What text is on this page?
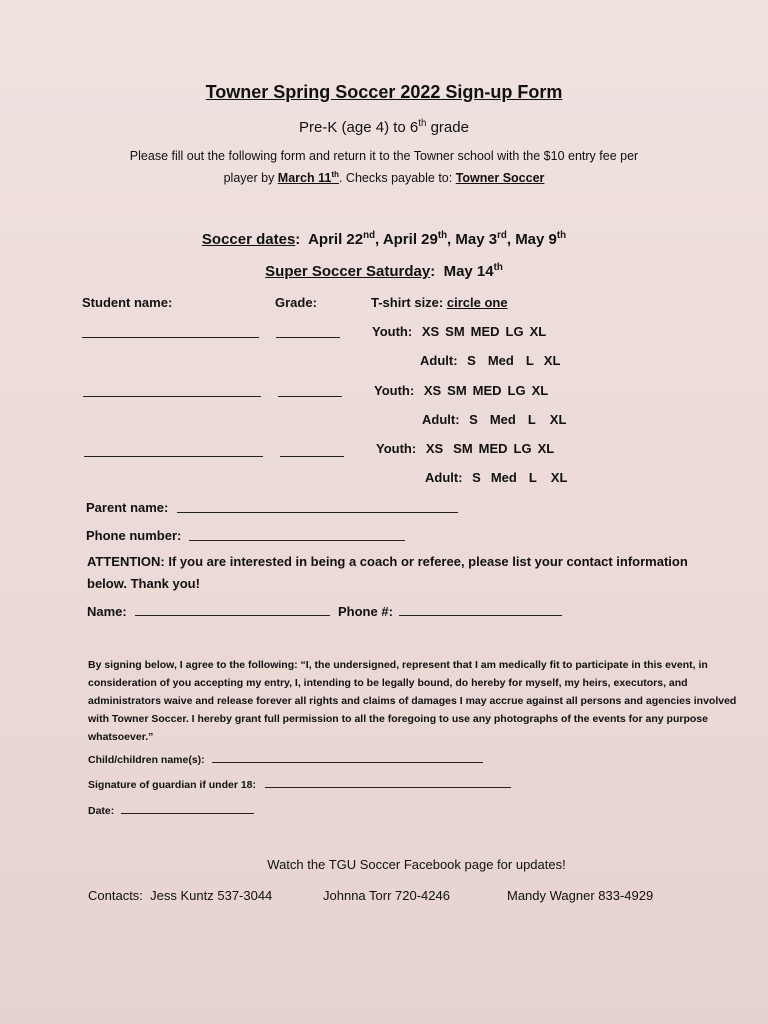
Towner Spring Soccer 2022 Sign-up Form
Pre-K (age 4) to 6th grade
Please fill out the following form and return it to the Towner school with the $10 entry fee per
player by March 11th. Checks payable to: Towner Soccer
Soccer dates:  April 22nd, April 29th, May 3rd, May 9th
Super Soccer Saturday:  May 14th
Student name:	Grade:	T-shirt size: circle one
Youth: XS SM MED LG XL
Adult: S Med L XL
Youth: XS SM MED LG XL
Adult: S Med L XL
Youth: XS SM MED LG XL
Adult: S Med L XL
Parent name:
Phone number:
ATTENTION: If you are interested in being a coach or referee, please list your contact information
below. Thank you!
Name:	Phone #:
By signing below, I agree to the following: “I, the undersigned, represent that I am medically fit to participate in this event, in consideration of you accepting my entry, I, intending to be legally bound, do hereby for myself, my heirs, executors, and administrators waive and release forever all rights and claims of damages I may accrue against all persons and agencies involved with Towner Soccer. I hereby grant full permission to all the foregoing to use any photographs of the events for any purpose whatsoever.”
Child/children name(s):
Signature of guardian if under 18:
Date:
Watch the TGU Soccer Facebook page for updates!
Contacts: Jess Kuntz 537-3044	Johnna Torr 720-4246	Mandy Wagner 833-4929
